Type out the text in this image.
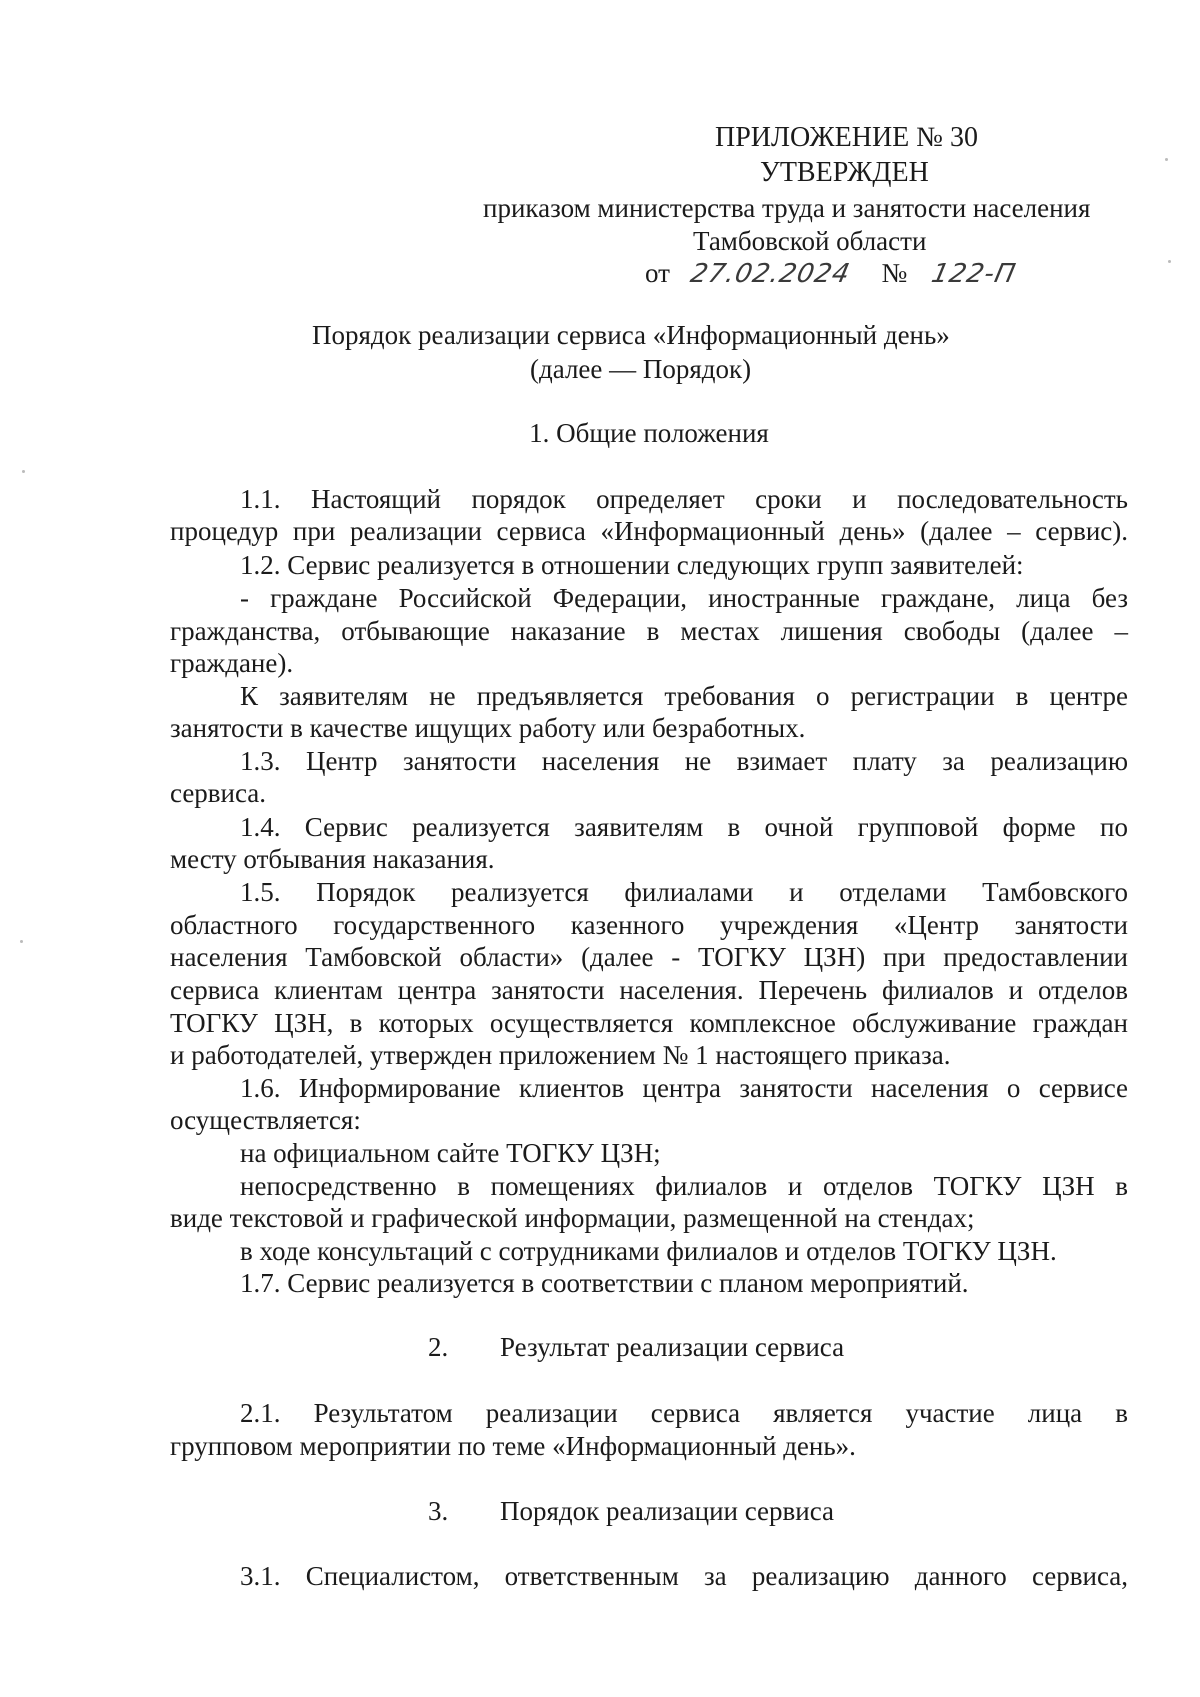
ПРИЛОЖЕНИЕ № 30
УТВЕРЖДЕН
приказом министерства труда и занятости населения
Тамбовской области
от 27.02.2024 № 122-П
Порядок реализации сервиса «Информационный день»
(далее — Порядок)
1. Общие положения
1.1. Настоящий порядок определяет сроки и последовательность
процедур при реализации сервиса «Информационный день» (далее – сервис).
1.2. Сервис реализуется в отношении следующих групп заявителей:
- граждане Российской Федерации, иностранные граждане, лица без
гражданства, отбывающие наказание в местах лишения свободы (далее –
граждане).
К заявителям не предъявляется требования о регистрации в центре
занятости в качестве ищущих работу или безработных.
1.3. Центр занятости населения не взимает плату за реализацию
сервиса.
1.4. Сервис реализуется заявителям в очной групповой форме по
месту отбывания наказания.
1.5. Порядок реализуется филиалами и отделами Тамбовского
областного государственного казенного учреждения «Центр занятости
населения Тамбовской области» (далее - ТОГКУ ЦЗН) при предоставлении
сервиса клиентам центра занятости населения. Перечень филиалов и отделов
ТОГКУ ЦЗН, в которых осуществляется комплексное обслуживание граждан
и работодателей, утвержден приложением № 1 настоящего приказа.
1.6. Информирование клиентов центра занятости населения о сервисе
осуществляется:
на официальном сайте ТОГКУ ЦЗН;
непосредственно в помещениях филиалов и отделов ТОГКУ ЦЗН в
виде текстовой и графической информации, размещенной на стендах;
в ходе консультаций с сотрудниками филиалов и отделов ТОГКУ ЦЗН.
1.7. Сервис реализуется в соответствии с планом мероприятий.
2. Результат реализации сервиса
2.1. Результатом реализации сервиса является участие лица в
групповом мероприятии по теме «Информационный день».
3. Порядок реализации сервиса
3.1. Специалистом, ответственным за реализацию данного сервиса,
